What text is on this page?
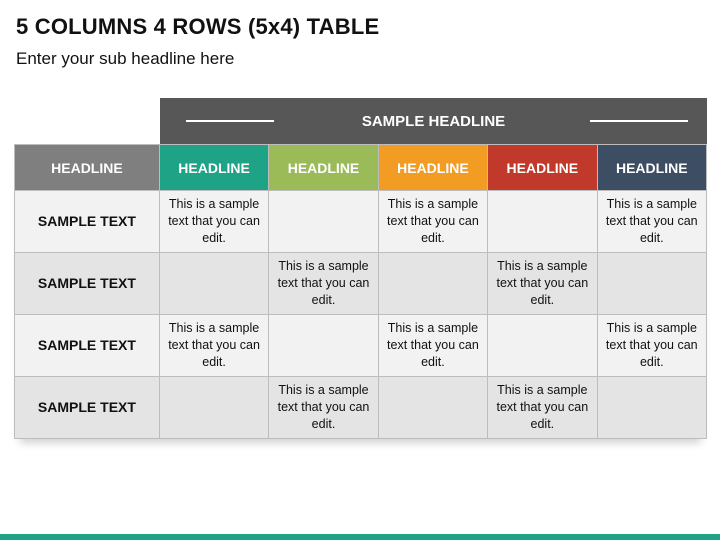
5 COLUMNS 4 ROWS (5x4) TABLE
Enter your sub headline here
SAMPLE HEADLINE
HEADLINE	HEADLINE	HEADLINE	HEADLINE	HEADLINE	HEADLINE
SAMPLE TEXT	This is a sample text that you can edit.		This is a sample text that you can edit.		This is a sample text that you can edit.
SAMPLE TEXT		This is a sample text that you can edit.		This is a sample text that you can edit.	
SAMPLE TEXT	This is a sample text that you can edit.		This is a sample text that you can edit.		This is a sample text that you can edit.
SAMPLE TEXT		This is a sample text that you can edit.		This is a sample text that you can edit.	
